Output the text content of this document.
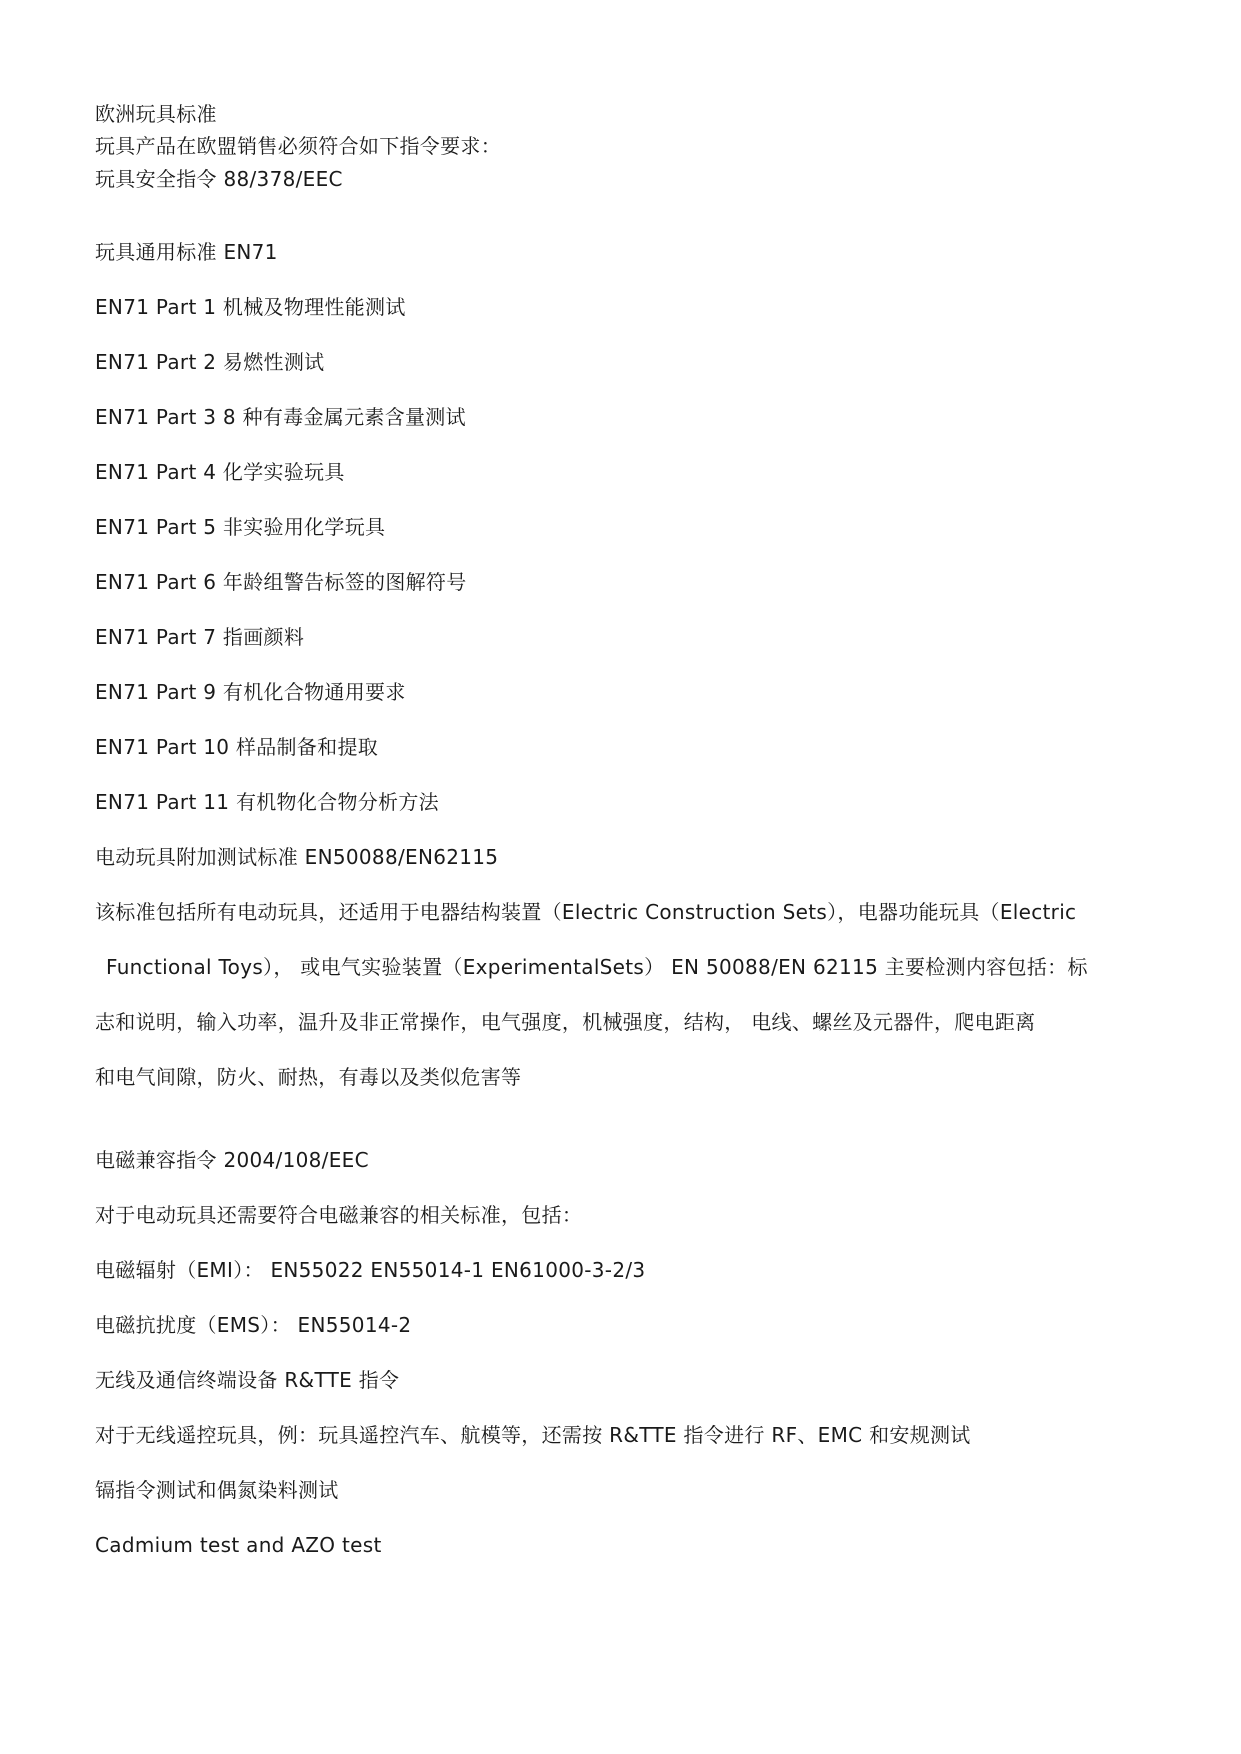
欧洲玩具标准
玩具产品在欧盟销售必须符合如下指令要求：
玩具安全指令 88/378/EEC
玩具通用标准 EN71
EN71 Part 1 机械及物理性能测试
EN71 Part 2 易燃性测试
EN71 Part 3 8 种有毒金属元素含量测试
EN71 Part 4 化学实验玩具
EN71 Part 5 非实验用化学玩具
EN71 Part 6 年龄组警告标签的图解符号
EN71 Part 7 指画颜料
EN71 Part 9 有机化合物通用要求
EN71 Part 10 样品制备和提取
EN71 Part 11 有机物化合物分析方法
电动玩具附加测试标准 EN50088/EN62115
该标准包括所有电动玩具，还适用于电器结构装置（Electric Construction Sets），电器功能玩具（Electric
Functional Toys）， 或电气实验装置（ExperimentalSets） EN 50088/EN 62115 主要检测内容包括：标
志和说明，输入功率，温升及非正常操作，电气强度，机械强度，结构， 电线、螺丝及元器件，爬电距离
和电气间隙，防火、耐热，有毒以及类似危害等
电磁兼容指令 2004/108/EEC
对于电动玩具还需要符合电磁兼容的相关标准，包括：
电磁辐射（EMI）： EN55022 EN55014-1 EN61000-3-2/3
电磁抗扰度（EMS）： EN55014-2
无线及通信终端设备 R&TTE 指令
对于无线遥控玩具，例：玩具遥控汽车、航模等，还需按 R&TTE 指令进行 RF、EMC 和安规测试
镉指令测试和偶氮染料测试
Cadmium test and AZO test
